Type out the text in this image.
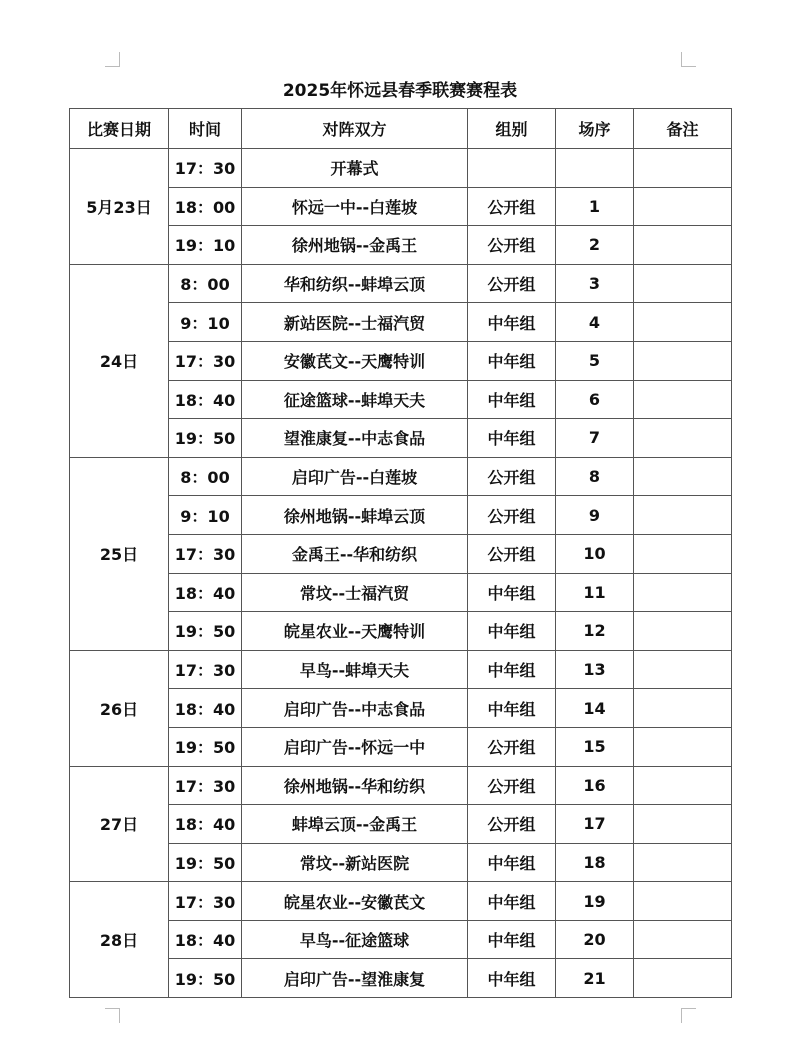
2025年怀远县春季联赛赛程表
比赛日期	时间	对阵双方	组别	场序	备注
5月23日	17：30	开幕式			
	18：00	怀远一中--白莲坡	公开组	1	
	19：10	徐州地锅--金禹王	公开组	2	
24日	8：00	华和纺织--蚌埠云顶	公开组	3	
	9：10	新站医院--士福汽贸	中年组	4	
	17：30	安徽芪文--天鹰特训	中年组	5	
	18：40	征途篮球--蚌埠天夫	中年组	6	
	19：50	望淮康复--中志食品	中年组	7	
25日	8：00	启印广告--白莲坡	公开组	8	
	9：10	徐州地锅--蚌埠云顶	公开组	9	
	17：30	金禹王--华和纺织	公开组	10	
	18：40	常坟--士福汽贸	中年组	11	
	19：50	皖星农业--天鹰特训	中年组	12	
26日	17：30	早鸟--蚌埠天夫	中年组	13	
	18：40	启印广告--中志食品	中年组	14	
	19：50	启印广告--怀远一中	公开组	15	
27日	17：30	徐州地锅--华和纺织	公开组	16	
	18：40	蚌埠云顶--金禹王	公开组	17	
	19：50	常坟--新站医院	中年组	18	
28日	17：30	皖星农业--安徽芪文	中年组	19	
	18：40	早鸟--征途篮球	中年组	20	
	19：50	启印广告--望淮康复	中年组	21	
